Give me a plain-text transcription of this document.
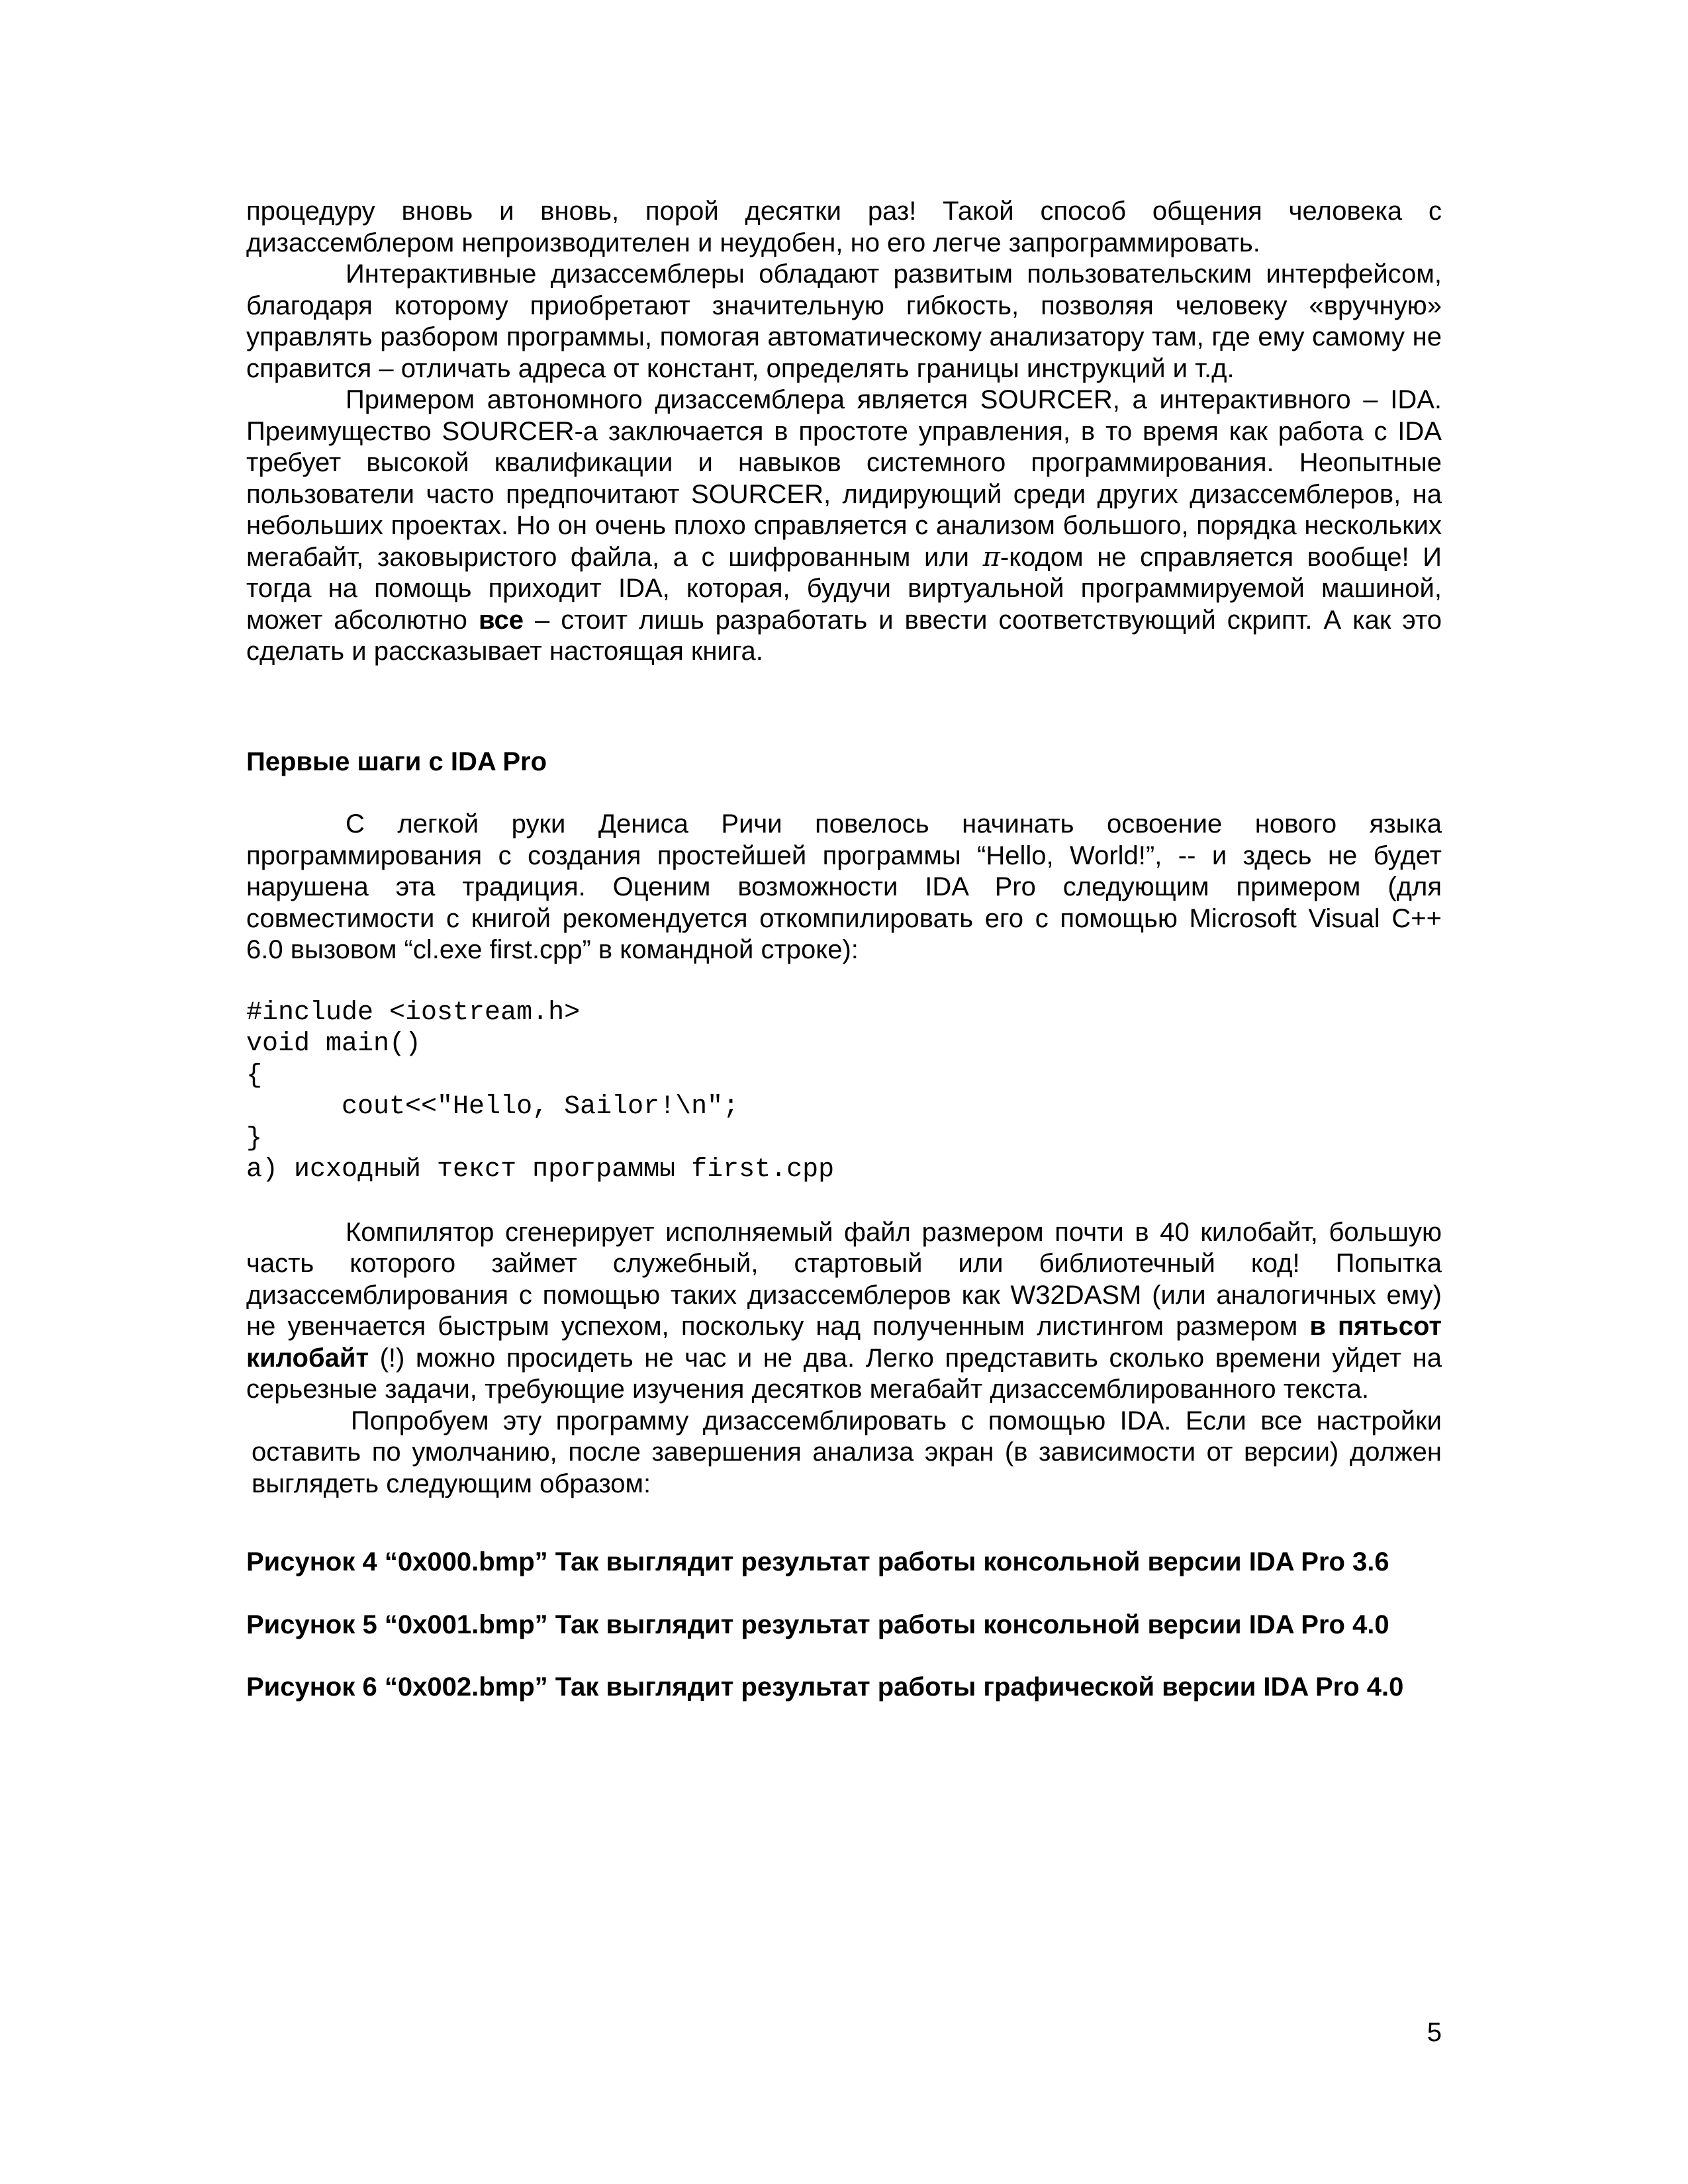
процедуру вновь и вновь, порой десятки раз! Такой способ общения человека с дизассемблером непроизводителен и неудобен, но его легче запрограммировать.

Интерактивные дизассемблеры обладают развитым пользовательским интерфейсом, благодаря которому приобретают значительную гибкость, позволяя человеку «вручную» управлять разбором программы, помогая автоматическому анализатору там, где ему самому не справится – отличать адреса от констант, определять границы инструкций и т.д.

Примером автономного дизассемблера является SOURCER, а интерактивного – IDA. Преимущество SOURCER-а заключается в простоте управления, в то время как работа с IDA требует высокой квалификации и навыков системного программирования. Неопытные пользователи часто предпочитают SOURCER, лидирующий среди других дизассемблеров, на небольших проектах. Но он очень плохо справляется с анализом большого, порядка нескольких мегабайт, заковыристого файла, а с шифрованным или π-кодом не справляется вообще! И тогда на помощь приходит IDA, которая, будучи виртуальной программируемой машиной, может абсолютно все – стоит лишь разработать и ввести соответствующий скрипт. А как это сделать и рассказывает настоящая книга.

Первые шаги с IDA Pro

С легкой руки Дениса Ричи повелось начинать освоение нового языка программирования с создания простейшей программы “Hello, World!”, -- и здесь не будет нарушена эта традиция. Оценим возможности IDA Pro следующим примером (для совместимости с книгой рекомендуется откомпилировать его с помощью Microsoft Visual C++ 6.0 вызовом “cl.exe first.cpp” в командной строке):

#include <iostream.h>
void main()
{
cout<<"Hello, Sailor!\n";
}
а) исходный текст программы first.cpp

Компилятор сгенерирует исполняемый файл размером почти в 40 килобайт, большую часть которого займет служебный, стартовый или библиотечный код! Попытка дизассемблирования с помощью таких дизассемблеров как W32DASM (или аналогичных ему) не увенчается быстрым успехом, поскольку над полученным листингом размером в пятьсот килобайт (!) можно просидеть не час и не два. Легко представить сколько времени уйдет на серьезные задачи, требующие изучения десятков мегабайт дизассемблированного текста.

Попробуем эту программу дизассемблировать с помощью IDA. Если все настройки оставить по умолчанию, после завершения анализа экран (в зависимости от версии) должен выглядеть следующим образом:

Рисунок 4 “0x000.bmp” Так выглядит результат работы консольной версии IDA Pro 3.6

Рисунок 5 “0x001.bmp” Так выглядит результат работы консольной версии IDA Pro 4.0

Рисунок 6 “0x002.bmp” Так выглядит результат работы графической версии IDA Pro 4.0

5
